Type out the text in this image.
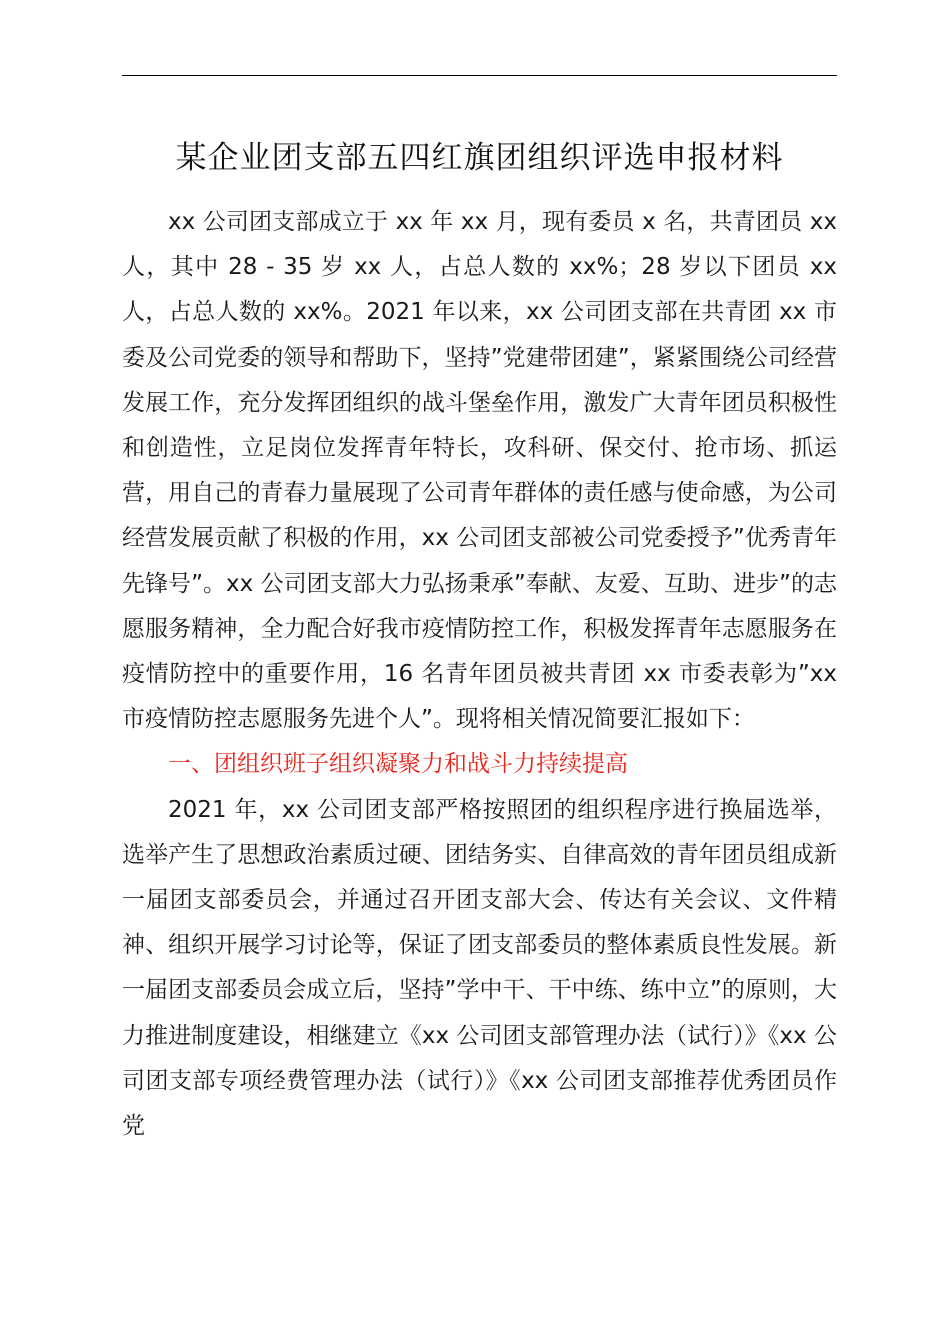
某企业团支部五四红旗团组织评选申报材料

xx 公司团支部成立于 xx 年 xx 月，现有委员 x 名，共青团员 xx 人，其中 28 - 35 岁 xx 人，占总人数的 xx%；28 岁以下团员 xx 人，占总人数的 xx%。2021 年以来，xx 公司团支部在共青团 xx 市委及公司党委的领导和帮助下，坚持”党建带团建”，紧紧围绕公司经营发展工作，充分发挥团组织的战斗堡垒作用，激发广大青年团员积极性和创造性，立足岗位发挥青年特长，攻科研、保交付、抢市场、抓运营，用自己的青春力量展现了公司青年群体的责任感与使命感，为公司经营发展贡献了积极的作用，xx 公司团支部被公司党委授予”优秀青年先锋号”。xx 公司团支部大力弘扬秉承”奉献、友爱、互助、进步”的志愿服务精神，全力配合好我市疫情防控工作，积极发挥青年志愿服务在疫情防控中的重要作用，16 名青年团员被共青团 xx 市委表彰为”xx 市疫情防控志愿服务先进个人”。现将相关情况简要汇报如下：

一、团组织班子组织凝聚力和战斗力持续提高

2021 年，xx 公司团支部严格按照团的组织程序进行换届选举，选举产生了思想政治素质过硬、团结务实、自律高效的青年团员组成新一届团支部委员会，并通过召开团支部大会、传达有关会议、文件精神、组织开展学习讨论等，保证了团支部委员的整体素质良性发展。新一届团支部委员会成立后，坚持”学中干、干中练、练中立”的原则，大力推进制度建设，相继建立《xx 公司团支部管理办法（试行）》《xx 公司团支部专项经费管理办法（试行）》《xx 公司团支部推荐优秀团员作党
